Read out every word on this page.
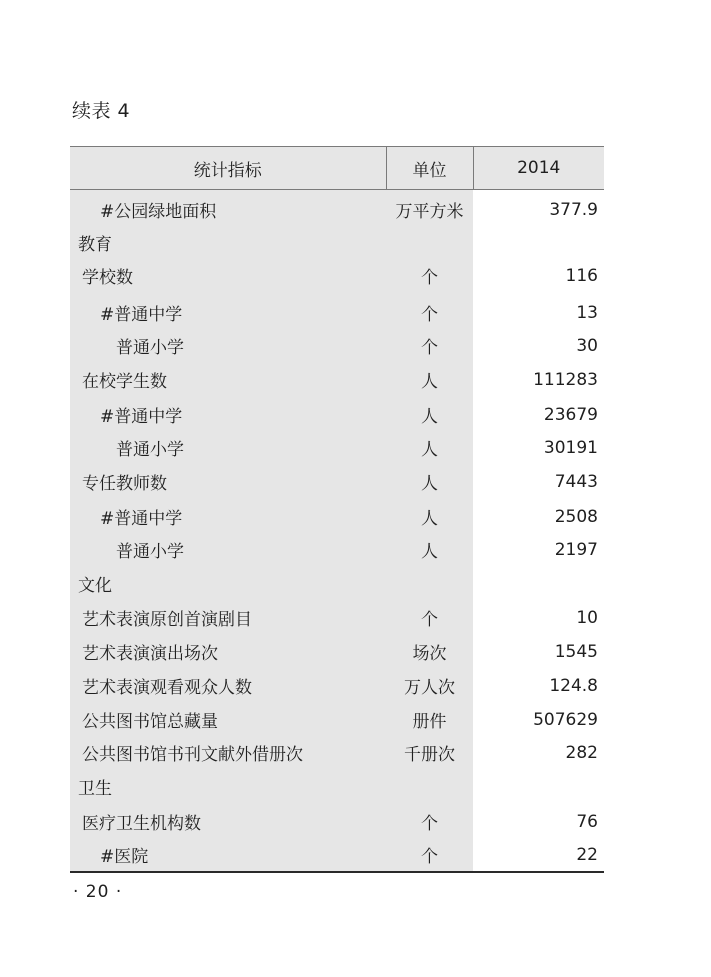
续表 4
统计指标	单位	2014
#公园绿地面积	万平方米	377.9
教育		
学校数	个	116
#普通中学	个	13
普通小学	个	30
在校学生数	人	111283
#普通中学	人	23679
普通小学	人	30191
专任教师数	人	7443
#普通中学	人	2508
普通小学	人	2197
文化		
艺术表演原创首演剧目	个	10
艺术表演演出场次	场次	1545
艺术表演观看观众人数	万人次	124.8
公共图书馆总藏量	册件	507629
公共图书馆书刊文献外借册次	千册次	282
卫生		
医疗卫生机构数	个	76
#医院	个	22
· 20 ·
